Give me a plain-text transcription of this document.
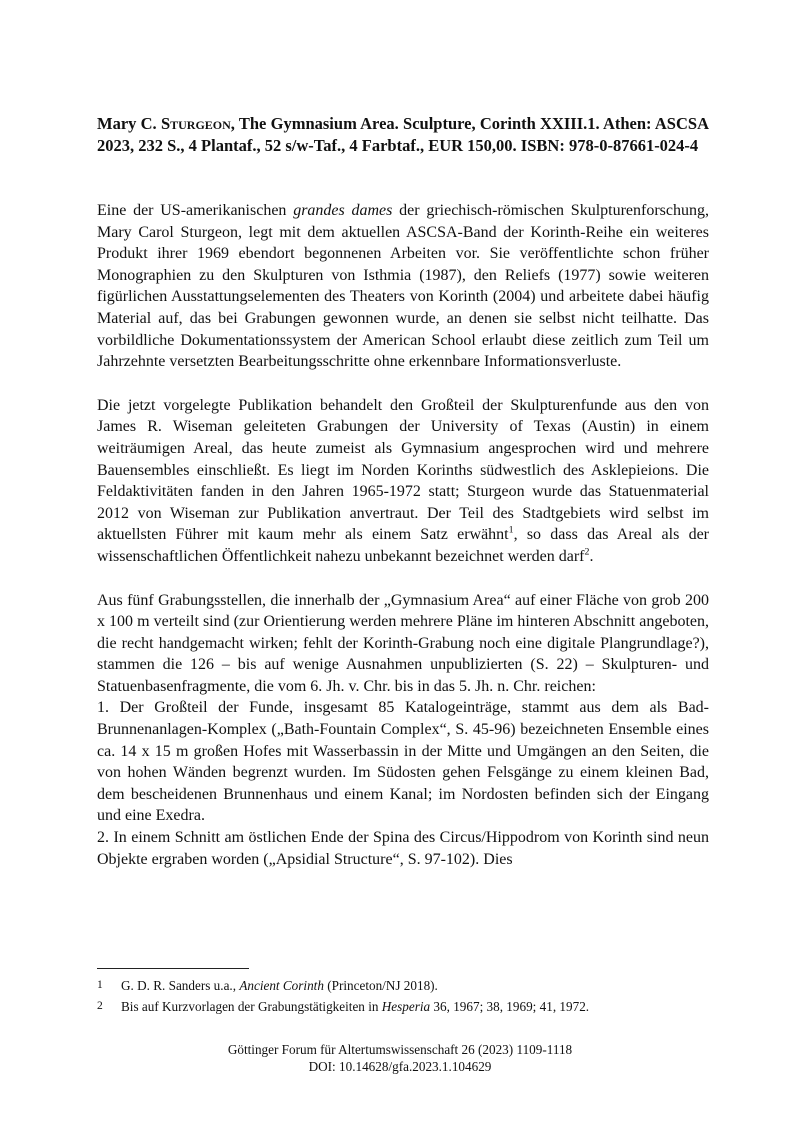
Mary C. Sturgeon, The Gymnasium Area. Sculpture, Corinth XXIII.1. Athen: ASCSA 2023, 232 S., 4 Plantaf., 52 s/w-Taf., 4 Farbtaf., EUR 150,00. ISBN: 978-0-87661-024-4

Eine der US-amerikanischen grandes dames der griechisch-römischen Skulpturenforschung, Mary Carol Sturgeon, legt mit dem aktuellen ASCSA-Band der Korinth-Reihe ein weiteres Produkt ihrer 1969 ebendort begonnenen Arbeiten vor. Sie veröffentlichte schon früher Monographien zu den Skulpturen von Isthmia (1987), den Reliefs (1977) sowie weiteren figürlichen Ausstattungselementen des Theaters von Korinth (2004) und arbeitete dabei häufig Material auf, das bei Grabungen gewonnen wurde, an denen sie selbst nicht teilhatte. Das vorbildliche Dokumentationssystem der American School erlaubt diese zeitlich zum Teil um Jahrzehnte versetzten Bearbeitungsschritte ohne erkennbare Informationsverluste.

Die jetzt vorgelegte Publikation behandelt den Großteil der Skulpturenfunde aus den von James R. Wiseman geleiteten Grabungen der University of Texas (Austin) in einem weiträumigen Areal, das heute zumeist als Gymnasium angesprochen wird und mehrere Bauensembles einschließt. Es liegt im Norden Korinths südwestlich des Asklepieions. Die Feldaktivitäten fanden in den Jahren 1965-1972 statt; Sturgeon wurde das Statuenmaterial 2012 von Wiseman zur Publikation anvertraut. Der Teil des Stadtgebiets wird selbst im aktuellsten Führer mit kaum mehr als einem Satz erwähnt$^1$, so dass das Areal als der wissenschaftlichen Öffentlichkeit nahezu unbekannt bezeichnet werden darf$^2$.

Aus fünf Grabungsstellen, die innerhalb der „Gymnasium Area“ auf einer Fläche von grob 200 x 100 m verteilt sind (zur Orientierung werden mehrere Pläne im hinteren Abschnitt angeboten, die recht handgemacht wirken; fehlt der Korinth-Grabung noch eine digitale Plangrundlage?), stammen die 126 – bis auf wenige Ausnahmen unpublizierten (S. 22) – Skulpturen- und Statuenbasenfragmente, die vom 6. Jh. v. Chr. bis in das 5. Jh. n. Chr. reichen:

1. Der Großteil der Funde, insgesamt 85 Katalogeinträge, stammt aus dem als Bad-Brunnenanlagen-Komplex („Bath-Fountain Complex“, S. 45-96) bezeichneten Ensemble eines ca. 14 x 15 m großen Hofes mit Wasserbassin in der Mitte und Umgängen an den Seiten, die von hohen Wänden begrenzt wurden. Im Südosten gehen Felsgänge zu einem kleinen Bad, dem bescheidenen Brunnenhaus und einem Kanal; im Nordosten befinden sich der Eingang und eine Exedra.

2. In einem Schnitt am östlichen Ende der Spina des Circus/Hippodrom von Korinth sind neun Objekte ergraben worden („Apsidial Structure“, S. 97-102). Dies

1	G. D. R. Sanders u.a., Ancient Corinth (Princeton/NJ 2018).
2	Bis auf Kurzvorlagen der Grabungstätigkeiten in Hesperia 36, 1967; 38, 1969; 41, 1972.
Göttinger Forum für Altertumswissenschaft 26 (2023) 1109-1118
DOI: 10.14628/gfa.2023.1.104629
